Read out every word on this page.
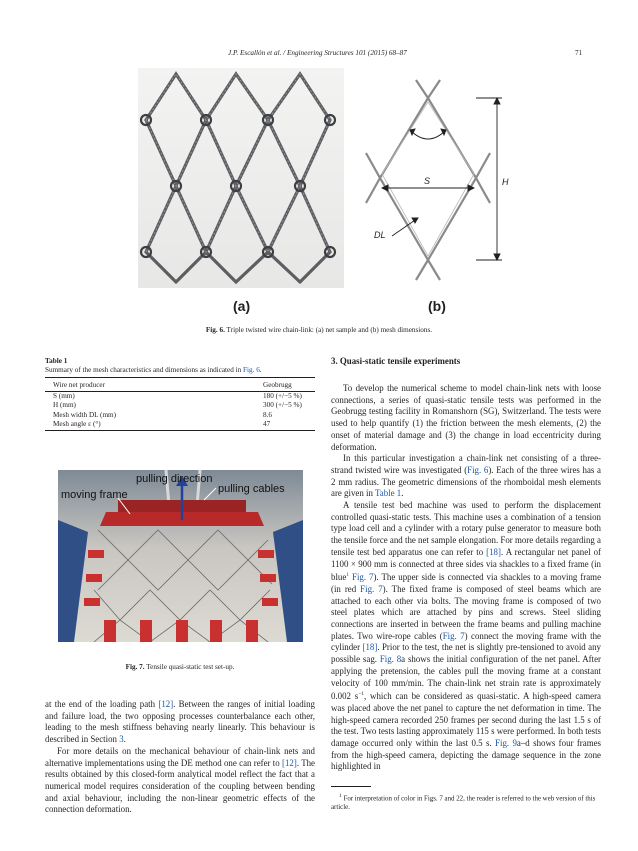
J.P. Escallón et al. / Engineering Structures 101 (2015) 68–87	71
S	H
DL
(a)	(b)
Fig. 6. Triple twisted wire chain-link: (a) net sample and (b) mesh dimensions.
Table 1
Summary of the mesh characteristics and dimensions as indicated in Fig. 6.
Wire net producer	Geobrugg
S (mm)	180 (+/−5 %)
H (mm)	300 (+/−5 %)
Mesh width DL (mm)	8.6
Mesh angle ε (°)	47
pulling direction
moving frame	pulling cables
Fig. 7. Tensile quasi-static test set-up.

at the end of the loading path [12]. Between the ranges of initial loading and failure load, the two opposing processes counterbalance each other, leading to the mesh stiffness behaving nearly linearly. This behaviour is described in Section 3.

For more details on the mechanical behaviour of chain-link nets and alternative implementations using the DE method one can refer to [12]. The results obtained by this closed-form analytical model reflect the fact that a numerical model requires consideration of the coupling between bending and axial behaviour, including the non-linear geometric effects of the connection deformation.

3. Quasi-static tensile experiments

To develop the numerical scheme to model chain-link nets with loose connections, a series of quasi-static tensile tests was performed in the Geobrugg testing facility in Romanshorn (SG), Switzerland. The tests were used to help quantify (1) the friction between the mesh elements, (2) the onset of material damage and (3) the change in load eccentricity during deformation.

In this particular investigation a chain-link net consisting of a three-strand twisted wire was investigated (Fig. 6). Each of the three wires has a 2 mm radius. The geometric dimensions of the rhomboidal mesh elements are given in Table 1.

A tensile test bed machine was used to perform the displacement controlled quasi-static tests. This machine uses a combination of a tension type load cell and a cylinder with a rotary pulse generator to measure both the tensile force and the net sample elongation. For more details regarding a tensile test bed apparatus one can refer to [18]. A rectangular net panel of 1100 × 900 mm is connected at three sides via shackles to a fixed frame (in blue$^1$ Fig. 7). The upper side is connected via shackles to a moving frame (in red Fig. 7). The fixed frame is composed of steel beams which are attached to each other via bolts. The moving frame is composed of two steel plates which are attached by pins and screws. Steel sliding connections are inserted in between the frame beams and pulling machine plates. Two wire-rope cables (Fig. 7) connect the moving frame with the cylinder [18]. Prior to the test, the net is slightly pre-tensioned to avoid any possible sag. Fig. 8a shows the initial configuration of the net panel. After applying the pretension, the cables pull the moving frame at a constant velocity of 100 mm/min. The chain-link net strain rate is approximately 0.002 $s^{-1}$, which can be considered as quasi-static. A high-speed camera was placed above the net panel to capture the net deformation in time. The high-speed camera recorded 250 frames per second during the last 1.5 s of the test. Two tests lasting approximately 115 s were performed. In both tests damage occurred only within the last 0.5 s. Fig. 9a–d shows four frames from the high-speed camera, depicting the damage sequence in the zone highlighted in

$^1$ For interpretation of color in Figs. 7 and 22, the reader is referred to the web version of this article.
